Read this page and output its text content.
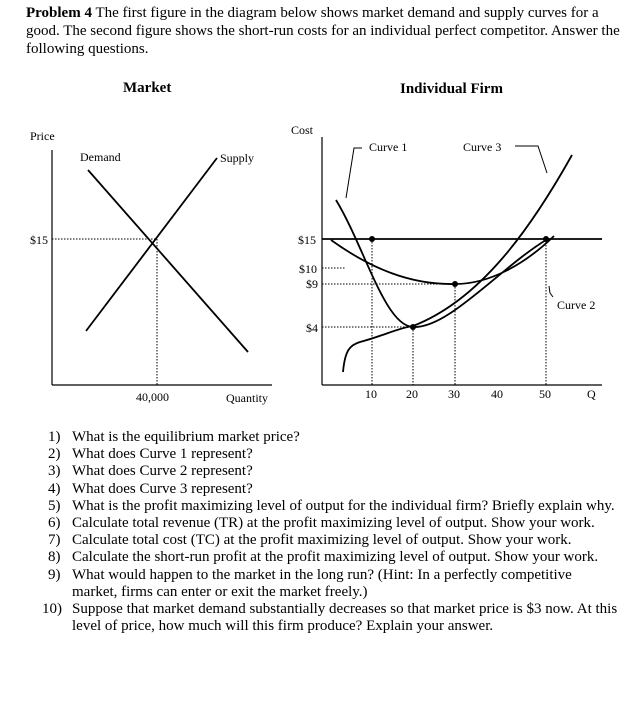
Problem 4 The first figure in the diagram below shows market demand and supply curves for a good. The second figure shows the short-run costs for an individual perfect competitor. Answer the following questions.
Market	Individual Firm
Price
Demand	Supply
$15
40,000	Quantity
Cost
Curve 1	Curve 3
Curve 2
$15
$10
$9
$4
10 20	30	40	50	Q
1) What is the equilibrium market price?
2) What does Curve 1 represent?
3) What does Curve 2 represent?
4) What does Curve 3 represent?
5) What is the profit maximizing level of output for the individual firm? Briefly explain why.
6) Calculate total revenue (TR) at the profit maximizing level of output. Show your work.
7) Calculate total cost (TC) at the profit maximizing level of output. Show your work.
8) Calculate the short-run profit at the profit maximizing level of output. Show your work.
9) What would happen to the market in the long run? (Hint: In a perfectly competitive market, firms can enter or exit the market freely.)
10) Suppose that market demand substantially decreases so that market price is $3 now. At this level of price, how much will this firm produce? Explain your answer.
